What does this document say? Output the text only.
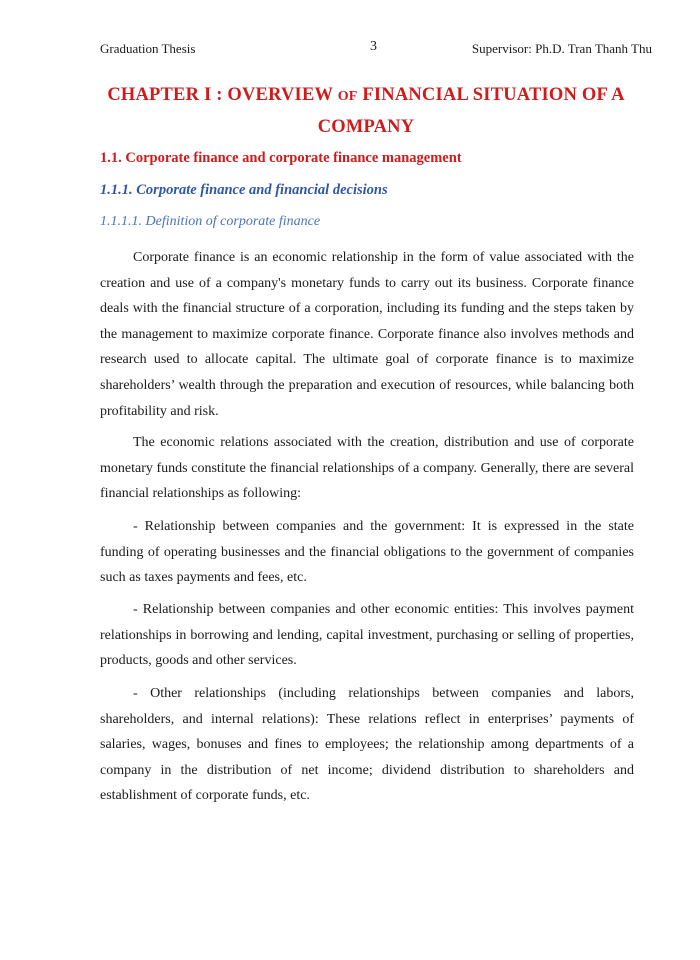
Graduation Thesis	3	Supervisor: Ph.D. Tran Thanh Thu
CHAPTER I : OVERVIEW OF FINANCIAL SITUATION OF A COMPANY
1.1. Corporate finance and corporate finance management
1.1.1. Corporate finance and financial decisions
1.1.1.1. Definition of corporate finance

Corporate finance is an economic relationship in the form of value associated with the creation and use of a company's monetary funds to carry out its business. Corporate finance deals with the financial structure of a corporation, including its funding and the steps taken by the management to maximize corporate finance. Corporate finance also involves methods and research used to allocate capital. The ultimate goal of corporate finance is to maximize shareholders’ wealth through the preparation and execution of resources, while balancing both profitability and risk.

The economic relations associated with the creation, distribution and use of corporate monetary funds constitute the financial relationships of a company. Generally, there are several financial relationships as following:

- Relationship between companies and the government: It is expressed in the state funding of operating businesses and the financial obligations to the government of companies such as taxes payments and fees, etc.

- Relationship between companies and other economic entities: This involves payment relationships in borrowing and lending, capital investment, purchasing or selling of properties, products, goods and other services.

- Other relationships (including relationships between companies and labors, shareholders, and internal relations): These relations reflect in enterprises’ payments of salaries, wages, bonuses and fines to employees; the relationship among departments of a company in the distribution of net income; dividend distribution to shareholders and establishment of corporate funds, etc.
